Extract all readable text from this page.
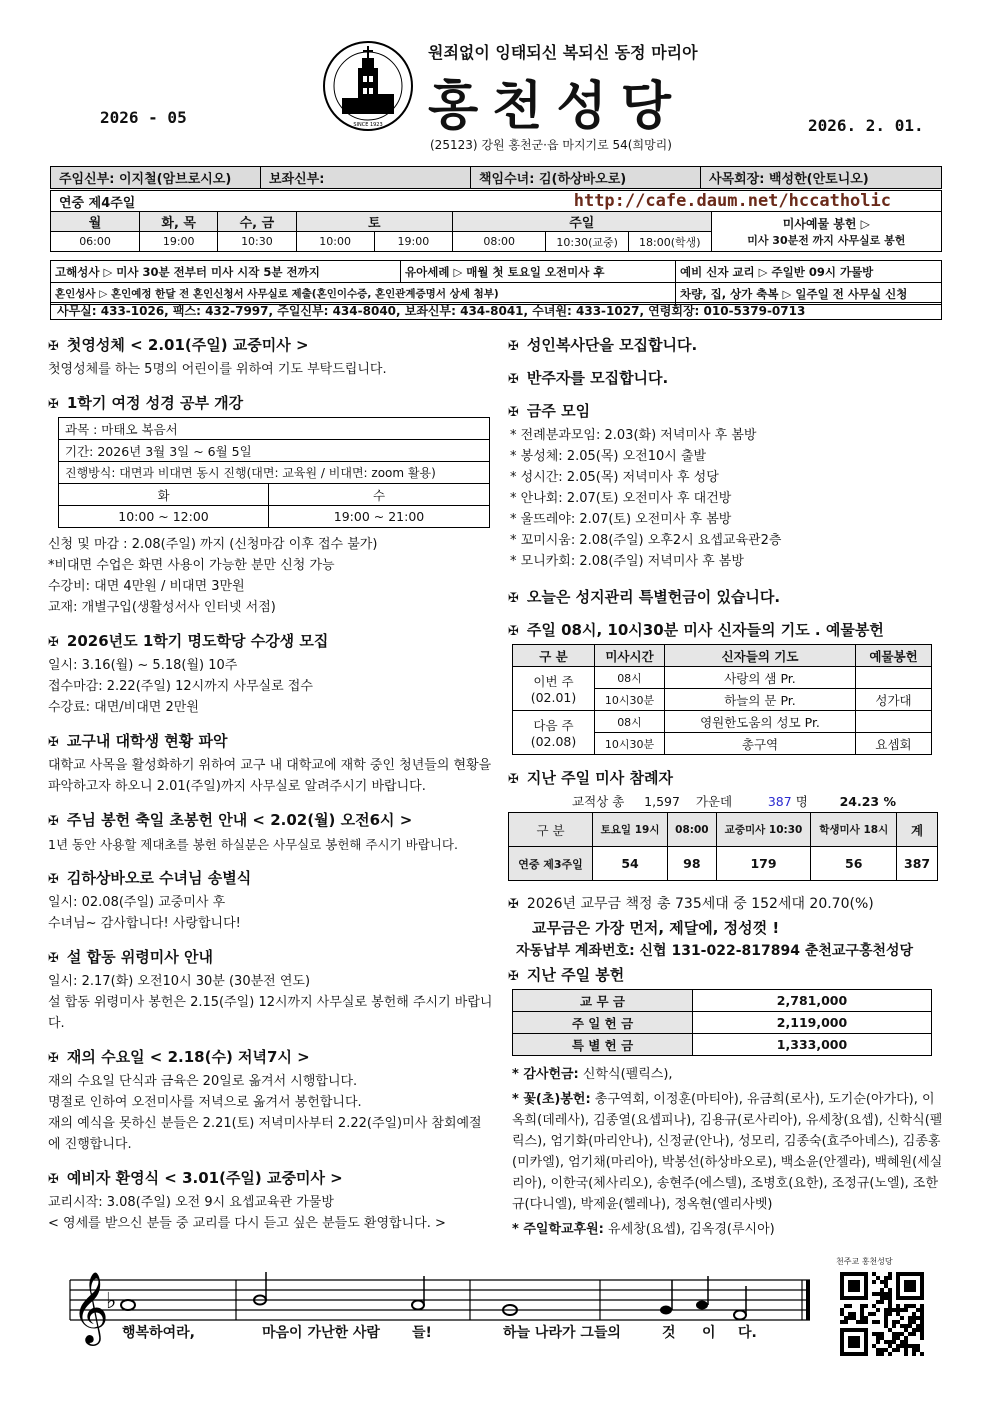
SINCE 1923
원죄없이 잉태되신 복되신 동정 마리아
홍천성당
(25123) 강원 홍천군·읍 마지기로 54(희망리)
2026 - 05	2026. 2. 01.
주임신부: 이지철(암브로시오)	보좌신부:	책임수녀: 김(하상바오로)	사목회장: 백성한(안토니오)
연중 제4주일					http://cafe.daum.net/hccatholic			
월	화, 목	수, 금	토		주일			미사예물 봉헌 ▷
미사 30분전 까지 사무실로 봉헌

06:00	19:00	10:30	10:00	19:00	08:00	10:30(교중)	18:00(학생)	
고해성사 ▷ 미사 30분 전부터 미사 시작 5분 전까지	유아세례 ▷ 매월 첫 토요일 오전미사 후	예비 신자 교리 ▷ 주일반 09시 가물방
혼인성사 ▷ 혼인예정 한달 전 혼인신청서 사무실로 제출(혼인이수증, 혼인관계증명서 상세 첨부)		차량, 집, 상가 축복 ▷ 일주일 전 사무실 신청
사무실: 433-1026, 팩스: 432-7997, 주일신부: 434-8040, 보좌신부: 434-8041, 수녀원: 433-1027, 연령회장: 010-5379-0713
✠ 첫영성체 < 2.01(주일) 교중미사 >
첫영성체를 하는 5명의 어린이를 위하여 기도 부탁드립니다.
✠ 1학기 여정 성경 공부 개강
과목 : 마태오 복음서	
기간: 2026년 3월 3일 ~ 6월 5일	
진행방식: 대면과 비대면 동시 진행(대면: 교육원 / 비대면: zoom 활용)	
화	수
10:00 ~ 12:00	19:00 ~ 21:00
신청 및 마감 : 2.08(주일) 까지 (신청마감 이후 접수 불가)
*비대면 수업은 화면 사용이 가능한 분만 신청 가능
수강비: 대면 4만원 / 비대면 3만원
교재: 개별구입(생활성서사 인터넷 서점)
✠ 2026년도 1학기 명도학당 수강생 모집
일시: 3.16(월) ~ 5.18(월) 10주
접수마감: 2.22(주일) 12시까지 사무실로 접수
수강료: 대면/비대면 2만원
✠ 교구내 대학생 현황 파악
대학교 사목을 활성화하기 위하여 교구 내 대학교에 재학 중인 청년들의 현황을 파악하고자 하오니 2.01(주일)까지 사무실로 알려주시기 바랍니다.
✠ 주님 봉헌 축일 초봉헌 안내 < 2.02(월) 오전6시 >
1년 동안 사용할 제대초를 봉헌 하실분은 사무실로 봉헌해 주시기 바랍니다.
✠ 김하상바오로 수녀님 송별식
일시: 02.08(주일) 교중미사 후
수녀님~ 감사합니다! 사랑합니다!
✠ 설 합동 위령미사 안내
일시: 2.17(화) 오전10시 30분 (30분전 연도)
설 합동 위령미사 봉헌은 2.15(주일) 12시까지 사무실로 봉헌해 주시기 바랍니다.
✠ 재의 수요일 < 2.18(수) 저녁7시 >
재의 수요일 단식과 금육은 20일로 옮겨서 시행합니다.
명절로 인하여 오전미사를 저녁으로 옮겨서 봉헌합니다.
재의 예식을 못하신 분들은 2.21(토) 저녁미사부터 2.22(주일)미사 참회예절에 진행합니다.
✠ 예비자 환영식 < 3.01(주일) 교중미사 >
교리시작: 3.08(주일) 오전 9시 요셉교육관 가물방
< 영세를 받으신 분들 중 교리를 다시 듣고 싶은 분들도 환영합니다. >
✠ 성인복사단을 모집합니다.
✠ 반주자를 모집합니다.
✠ 금주 모임
* 전례분과모임: 2.03(화) 저녁미사 후 봄방
* 봉성체: 2.05(목) 오전10시 출발
* 성시간: 2.05(목) 저녁미사 후 성당
* 안나회: 2.07(토) 오전미사 후 대건방
* 울뜨레야: 2.07(토) 오전미사 후 봄방
* 꼬미시움: 2.08(주일) 오후2시 요셉교육관2층
* 모니카회: 2.08(주일) 저녁미사 후 봄방
✠ 오늘은 성지관리 특별헌금이 있습니다.
✠ 주일 08시, 10시30분 미사 신자들의 기도 . 예물봉헌
구 분	미사시간	신자들의 기도	예물봉헌
이번 주 (02.01)	08시	사랑의 샘 Pr.	
	10시30분	하늘의 문 Pr.	성가대
다음 주 (02.08)	08시	영원한도움의 성모 Pr.	
	10시30분	총구역	요셉회
✠ 지난 주일 미사 참례자
교적상 총 1,597 가운데	387 명	24.23 %
구 분	토요일 19시	08:00	교중미사 10:30	학생미사 18시	계
연중 제3주일	54	98	179	56	387
✠ 2026년 교무금 책정 총 735세대 중 152세대 20.70(%)
교무금은 가장 먼저, 제달에, 정성껏 !
자동납부 계좌번호: 신협 131-022-817894 춘천교구홍천성당
✠ 지난 주일 봉헌
교 무 금	2,781,000
주 일 헌 금	2,119,000
특 별 헌 금	1,333,000
* 감사헌금: 신학식(펠릭스),
* 꽃(초)봉헌: 총구역회, 이정훈(마티아), 유금희(로사), 도기순(아가다), 이옥희(데레사), 김종열(요셉피나), 김용규(로사리아), 유세창(요셉), 신학식(펠릭스), 엄기화(마리안나), 신정균(안나), 성모리, 김종숙(효주아녜스), 김종홍(미카엘), 엄기채(마리아), 박봉선(하상바오로), 백소윤(안젤라), 백혜원(세실리아), 이한국(체사리오), 송현주(에스텔), 조병호(요한), 조정규(노엘), 조한규(다니엘), 박제윤(헬레나), 정옥현(엘리사벳)
* 주일학교후원: 유세창(요셉), 김옥경(루시아)
𝄞
♭
행복하여라,	마음이 가난한 사람 들!	하늘 나라가 그들의	것 이 다.
천주교 홍천성당
